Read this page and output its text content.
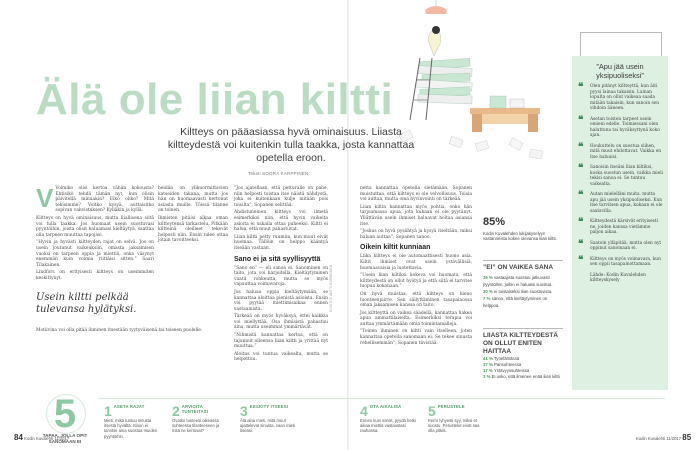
Älä ole liian kiltti
Kiltteys on pääasiassa hyvä ominaisuus. Liiasta kiltteydestä voi kuitenkin tulla taakka, josta kannattaa opetella eroon.
Teksti SOORA KARPPINEN
V Voimiko olisi kertoa vähän kokousta? Ehtisikö tehdä tämän nyt, kun olisin päivitellä minuakin? Eikö oliko? Mitä tekisimme? Voitko kysyä, auttaisitko sopivan vahvistuksen? Kylläkin ja kyllä.

Kiltteys on hyvä ominaisuus, mutta liiallisena siitä voi tulla taakka. Jos huomaat usein suostuvasi pyyntöihin, joista olisit haluamasi kieltäytyä, saattaa olla tarpeen muuttaa tapojasi.

”Hyvin ja hyvästi kiltteyden rajat on selvä. Jos on usein joutunut vaikeuksiin, omasta jaksamisen vuoksi on tarpeen oppia ja miettiä, onko väsynyt enemmän kuin voimia riittäisi sitten.” Saari Tilakainen.

Lindfors on erityisesti kiltteys on useimmiten keskittynyt.

Motiivina voi olla pitää ihminen itsestään tyytyväisenä tai toiseen puolelle.

heidän on ylikuormittavien katseiden takana, mutta jos hän on huomaavasti kertonut asiasta muille. Töissä tilanne on toinen.

Ihmisten pitäisi alkaa oman kiltteytensä tarkastelu. Pitkään kiltteinä oleilleet tekevät helposti niin. Ensin tulee ottaa jotain tavoitteeksi.

Usein kiltti pelkää tulevansa hylätyksi.

”Jos ajatellaan, että petturalle on pahe, niin helposti toistaa itse näistä nähdystä, joka ei kuitenkaan kulje mitään pois toisilta”, Sopanen selittää.

Ahdistuneinen kiltteys voi ilmetä esimerkiksi niin, että hyvin vaikeita asioita ei uskalla ottaa puheeksi. Kiltti ei halua, että muut pahastuvat.

Liian kiltti petty ruumiin, kun muut eivät huomaa. Tällöin on helppo kääntyä itseään vastaan.

Sano ei ja sitä syyllisyyttä

”Sano en” — eli sanoa ei. Sanominen on taito, jota voi harjoitella. Kieltäytyminen vaatii rohkeutta, mutta se myös vapauttaa voimavaroja.

Jos haluaa oppia kieltäytymään, se kannattaa aloittaa pienistä asioista. Ensin voi pyytää miettimisaikaa ennen vastaamista.

Tärkeää on myös hyväksyä, ettei kaikkia voi miellyttää. Osa ihmisistä pahastuu aina, mutta useimmat ymmärtävät.

”Nihmistä kannattaa kertoa, että on tajunnut olleensa liian kiltti ja yrittää nyt muuttua.”

Aloitus voi tuntua vaikealta, mutta se helpottuu.

KUVITUS ANTTI KORHONEN

netta kannattaa opetella sietämään. Sopanen muistuttaa, että kiltteys ei ole velvollisuus. Toisia voi auttaa, mutta oma hyvinvointi on tärkeää.

Liian kiltin kannattaa myös pohtia, onko hän tarjoamassa apua, jota kukaan ei ole pyytänyt. Yllättävän usein ihmiset haluavat hoitaa asiansa itse.

”Joskus on hyvä pysähtyä ja kysyä itseltään, miksi haluan auttaa”, Sopanen sanoo.

Oikein kiltit kunniaan

Liika kiltteys ei ole automaattisesti huono asia. Kiltit ihmiset ovat usein ystävällisiä, huomaavaisia ja luotettavia.

”Usein liian kiltiksi kokeva voi huomata, että kiltteydestä on ollut hyötyä ja että siitä ei tarvitse luopua kokonaan.”

On hyvä muistaa, että kiltteys on hieno luonteenpiirre. Sen säilyttäminen tasapainossa oman jaksamisen kanssa on taito.

Jos kiltteyttä on vaikea säädellä, kannattaa hakea apua ammattilaiselta. Esimerkiksi terapia voi auttaa ymmärtämään omia toimintamalleja.

”Toinen ihminen on kiltti vain itselleen, joten kannattaa opetella sanomaan ei. Se tekee sinusta rehellisemmän”, Sopanen tiivistää.

85%
Kodin Kuvalehden lukijakyselyyn vastanneista kokee olevansa liian kiltti.
”EI” ON VAIKEA SANA
36 % vastaajista suostuu jatkuvasti pyyntöihin, joihin ei haluaisi suostua.
30 % ei toistaiseksi liian suostuvista.
7 % sanoo, että kieltäytyminen on helppoa.
LIIASTA KILTTEYDESTÄ ON OLLUT ENITEN HAITTAA
41 % Työelämässä
37 % Parisuhteessa
17 % Ystävyyssuhteissa
3 % Ei usko, että ilmenee enää liian kiltti
”Apu jää usein yksipuoliseksi”
❝ Olen pitänyt kiltteyttä, kun äiti pyysi lainaa takaisin. Lainan lopulta on ollut vaikeaa saada mitään takaisin, kun sanoin sen vihdoin ääneen.
❝ Asetan toisten tarpeet usein omieni edelle. Toimiessani olen haluttuna tai hyväksyttynä koko ajan.
❝ Houkuttelu on suostua siihen, mitä muut ehdottavat. Vaikka en itse haluaisi.
❝ Sanoisin itseäni liian kiltiksi, koska suostun usein, vaikka mieli tekisi sanoa ei. Se tuntuu vaikealta.
❝ Autan mielelläni muita, mutta apu jää usein yksipuoliseksi. Kun itse tarvitsen apua, kukaan ei ole saatavilla.
❝ Kiltteydestä kärsivät erityisesti ne, joiden kanssa vietämme paljon aikaa.
❝ Saatoin ylläpitää, mutta olen nyt oppinut sanomaan ei.
❝ Kiltteys on myös voimavara, kun sen oppii tasapainottamaan.
Lähde: Kodin Kuvalehden kiltteyskysely
5
TAPAA, JOLLA OPIT SANOMAAN EI
1 ASETA RAJAT
Mieti, mikä tuntuu sinusta itsestä hyvältä. Sinun ei tarvitse aina suostua muiden pyyntöihin.
2 ARVIOITA TUNTEITASI
Ovatko tunteesi oikeassa suhteessa tilanteeseen ja mitä ne kertovat?
3 KESKITY ITSEESI
Älä aina mieti, mitä muut ajattelevat sinusta, vaan mieti itseäsi.
4 OTA AIKALISÄ
Ennen kuin sanot, pyydä hetki aikaa miettiä vastaustasi rauhassa.
5 PERUSTELE
Kerro lyhyesti syy, miksi et suostu. Perustelut eivät saa olla pitkiä.
84 Kodin Kuvalehti 11/2017	Kodin Kuvalehti 11/2017 85
